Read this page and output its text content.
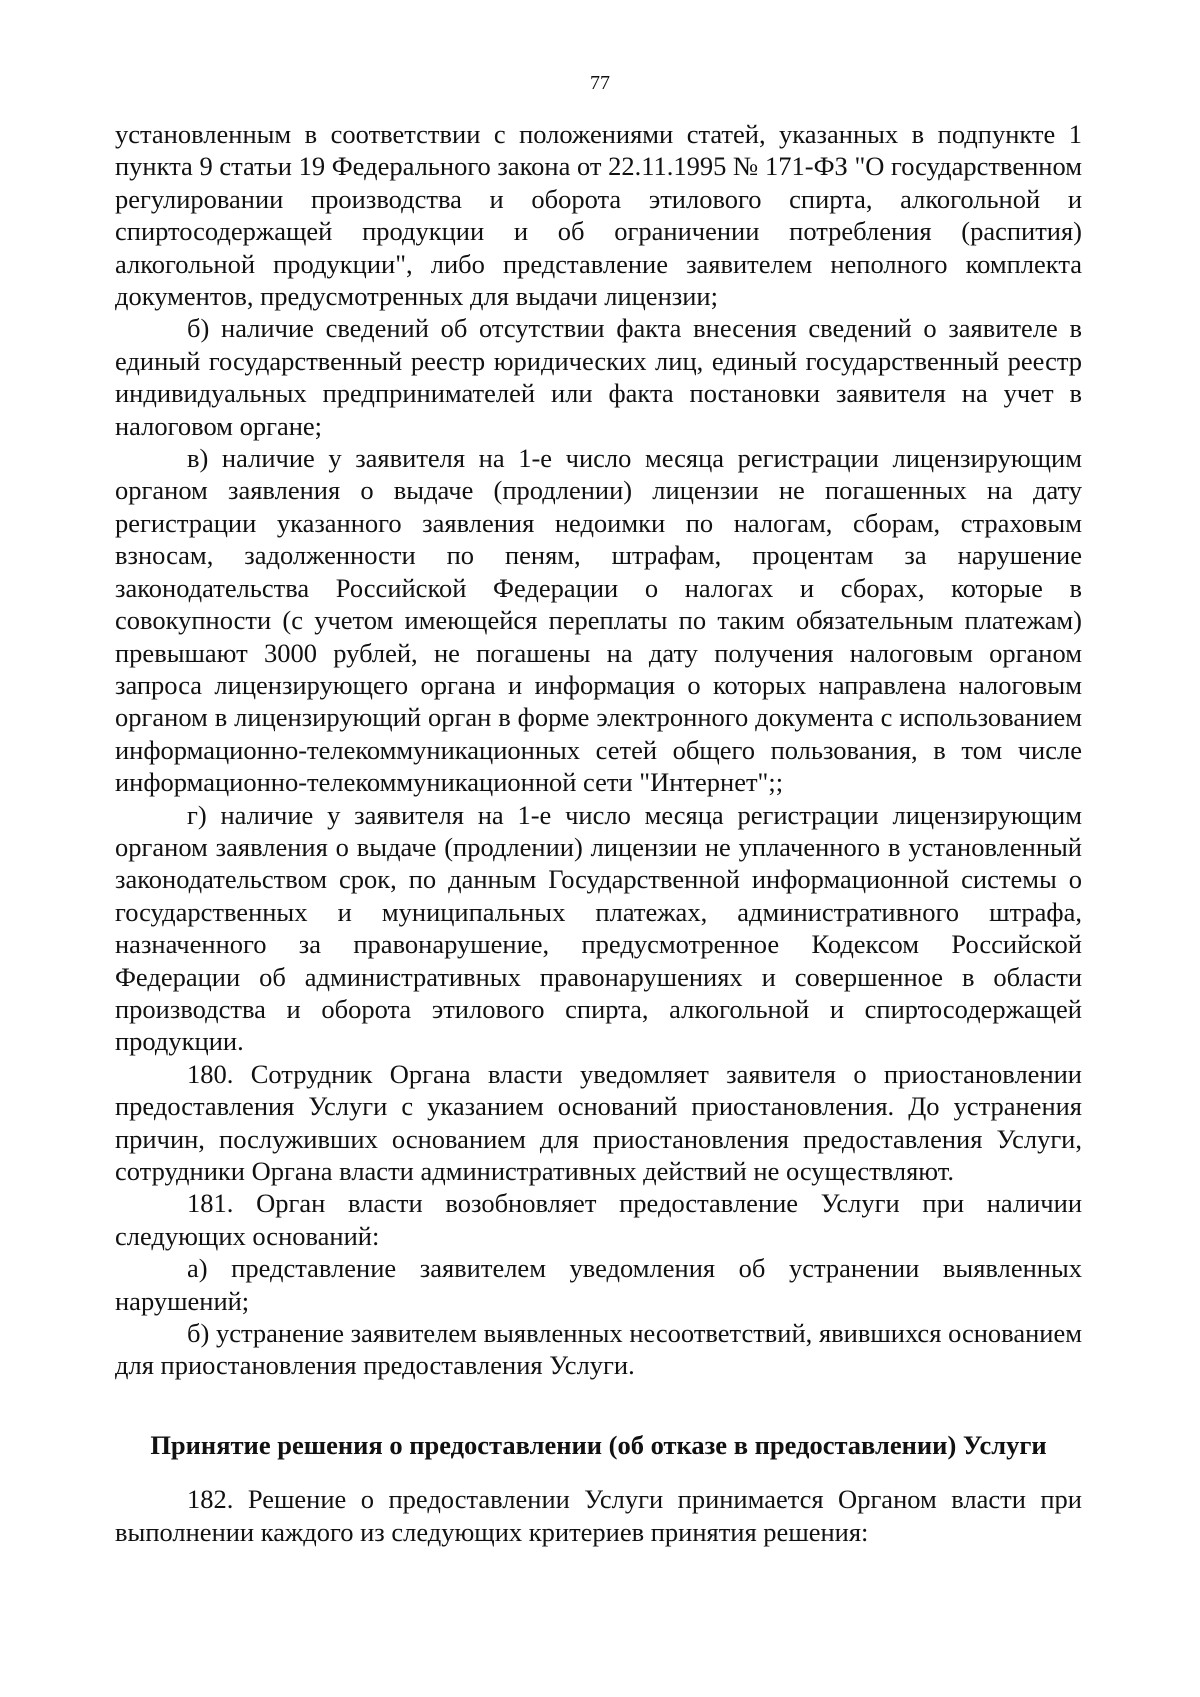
77

установленным в соответствии с положениями статей, указанных в подпункте 1 пункта 9 статьи 19 Федерального закона от 22.11.1995 № 171-ФЗ "О государственном регулировании производства и оборота этилового спирта, алкогольной и спиртосодержащей продукции и об ограничении потребления (распития) алкогольной продукции", либо представление заявителем неполного комплекта документов, предусмотренных для выдачи лицензии;

б) наличие сведений об отсутствии факта внесения сведений о заявителе в единый государственный реестр юридических лиц, единый государственный реестр индивидуальных предпринимателей или факта постановки заявителя на учет в налоговом органе;

в) наличие у заявителя на 1-е число месяца регистрации лицензирующим органом заявления о выдаче (продлении) лицензии не погашенных на дату регистрации указанного заявления недоимки по налогам, сборам, страховым взносам, задолженности по пеням, штрафам, процентам за нарушение законодательства Российской Федерации о налогах и сборах, которые в совокупности (с учетом имеющейся переплаты по таким обязательным платежам) превышают 3000 рублей, не погашены на дату получения налоговым органом запроса лицензирующего органа и информация о которых направлена налоговым органом в лицензирующий орган в форме электронного документа с использованием информационно-телекоммуникационных сетей общего пользования, в том числе информационно-телекоммуникационной сети "Интернет";;

г) наличие у заявителя на 1-е число месяца регистрации лицензирующим органом заявления о выдаче (продлении) лицензии не уплаченного в установленный законодательством срок, по данным Государственной информационной системы о государственных и муниципальных платежах, административного штрафа, назначенного за правонарушение, предусмотренное Кодексом Российской Федерации об административных правонарушениях и совершенное в области производства и оборота этилового спирта, алкогольной и спиртосодержащей продукции.

180. Сотрудник Органа власти уведомляет заявителя о приостановлении предоставления Услуги с указанием оснований приостановления. До устранения причин, послуживших основанием для приостановления предоставления Услуги, сотрудники Органа власти административных действий не осуществляют.

181. Орган власти возобновляет предоставление Услуги при наличии следующих оснований:

а) представление заявителем уведомления об устранении выявленных нарушений;

б) устранение заявителем выявленных несоответствий, явившихся основанием для приостановления предоставления Услуги.

Принятие решения о предоставлении (об отказе в предоставлении) Услуги

182. Решение о предоставлении Услуги принимается Органом власти при выполнении каждого из следующих критериев принятия решения:
